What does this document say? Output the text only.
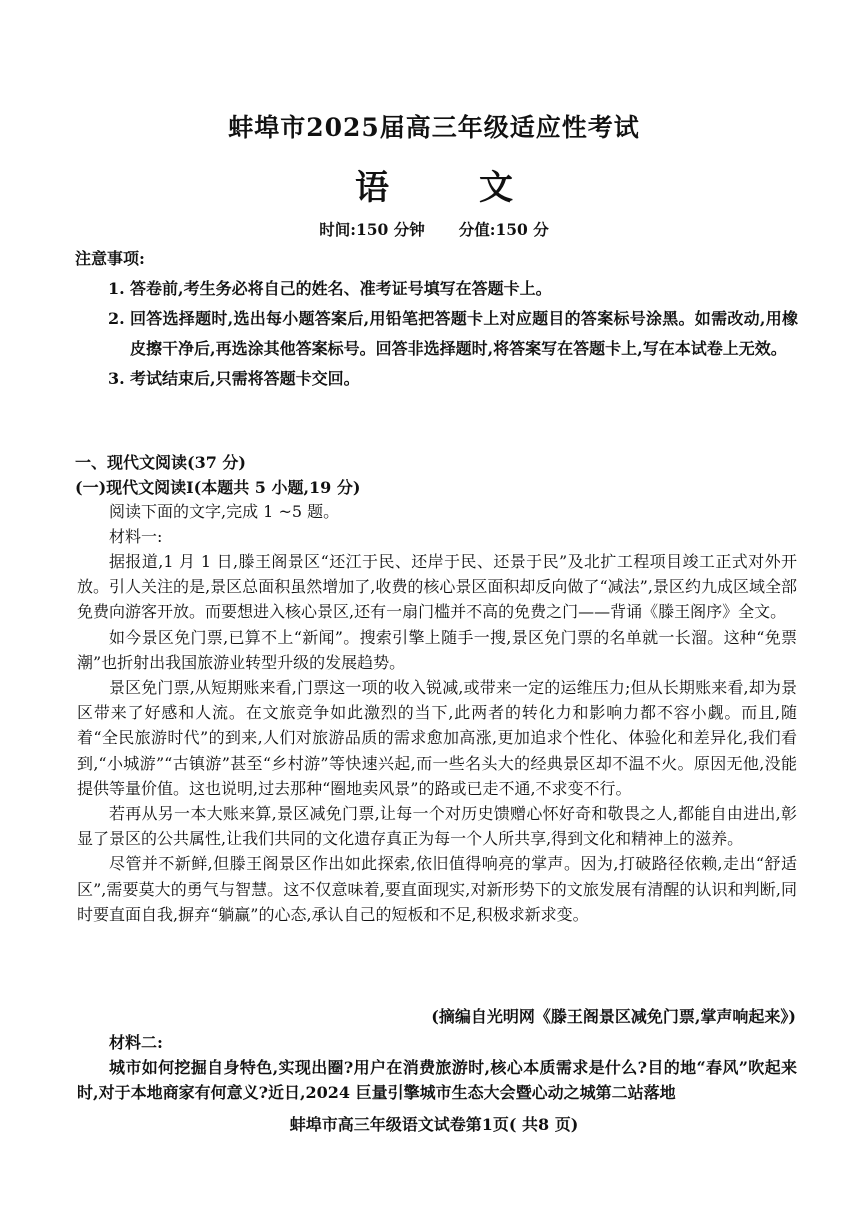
蚌埠市2025届高三年级适应性考试
语	文
时间:150 分钟 分值:150 分
注意事项:
1. 答卷前,考生务必将自己的姓名、准考证号填写在答题卡上。
2. 回答选择题时,选出每小题答案后,用铅笔把答题卡上对应题目的答案标号涂黑。如需改动,用橡皮擦干净后,再选涂其他答案标号。回答非选择题时,将答案写在答题卡上,写在本试卷上无效。
3. 考试结束后,只需将答题卡交回。
一、现代文阅读(37 分)
(一)现代文阅读Ⅰ(本题共 5 小题,19 分)
阅读下面的文字,完成 1 ~5 题。
材料一:

据报道,1 月 1 日,滕王阁景区“还江于民、还岸于民、还景于民”及北扩工程项目竣工正式对外开放。引人关注的是,景区总面积虽然增加了,收费的核心景区面积却反向做了“减法”,景区约九成区域全部免费向游客开放。而要想进入核心景区,还有一扇门槛并不高的免费之门——背诵《滕王阁序》全文。

如今景区免门票,已算不上“新闻”。搜索引擎上随手一搜,景区免门票的名单就一长溜。这种“免票潮”也折射出我国旅游业转型升级的发展趋势。

景区免门票,从短期账来看,门票这一项的收入锐减,或带来一定的运维压力;但从长期账来看,却为景区带来了好感和人流。在文旅竞争如此激烈的当下,此两者的转化力和影响力都不容小觑。而且,随着“全民旅游时代”的到来,人们对旅游品质的需求愈加高涨,更加追求个性化、体验化和差异化,我们看到,“小城游”“古镇游”甚至“乡村游”等快速兴起,而一些名头大的经典景区却不温不火。原因无他,没能提供等量价值。这也说明,过去那种“圈地卖风景”的路或已走不通,不求变不行。

若再从另一本大账来算,景区减免门票,让每一个对历史馈赠心怀好奇和敬畏之人,都能自由进出,彰显了景区的公共属性,让我们共同的文化遗存真正为每一个人所共享,得到文化和精神上的滋养。

尽管并不新鲜,但滕王阁景区作出如此探索,依旧值得响亮的掌声。因为,打破路径依赖,走出“舒适区”,需要莫大的勇气与智慧。这不仅意味着,要直面现实,对新形势下的文旅发展有清醒的认识和判断,同时要直面自我,摒弃“躺赢”的心态,承认自己的短板和不足,积极求新求变。

(摘编自光明网《滕王阁景区减免门票,掌声响起来》)
材料二:

城市如何挖掘自身特色,实现出圈?用户在消费旅游时,核心本质需求是什么?目的地“春风”吹起来时,对于本地商家有何意义?近日,2024 巨量引擎城市生态大会暨心动之城第二站落地

蚌埠市高三年级语文试卷第1页( 共8 页)
